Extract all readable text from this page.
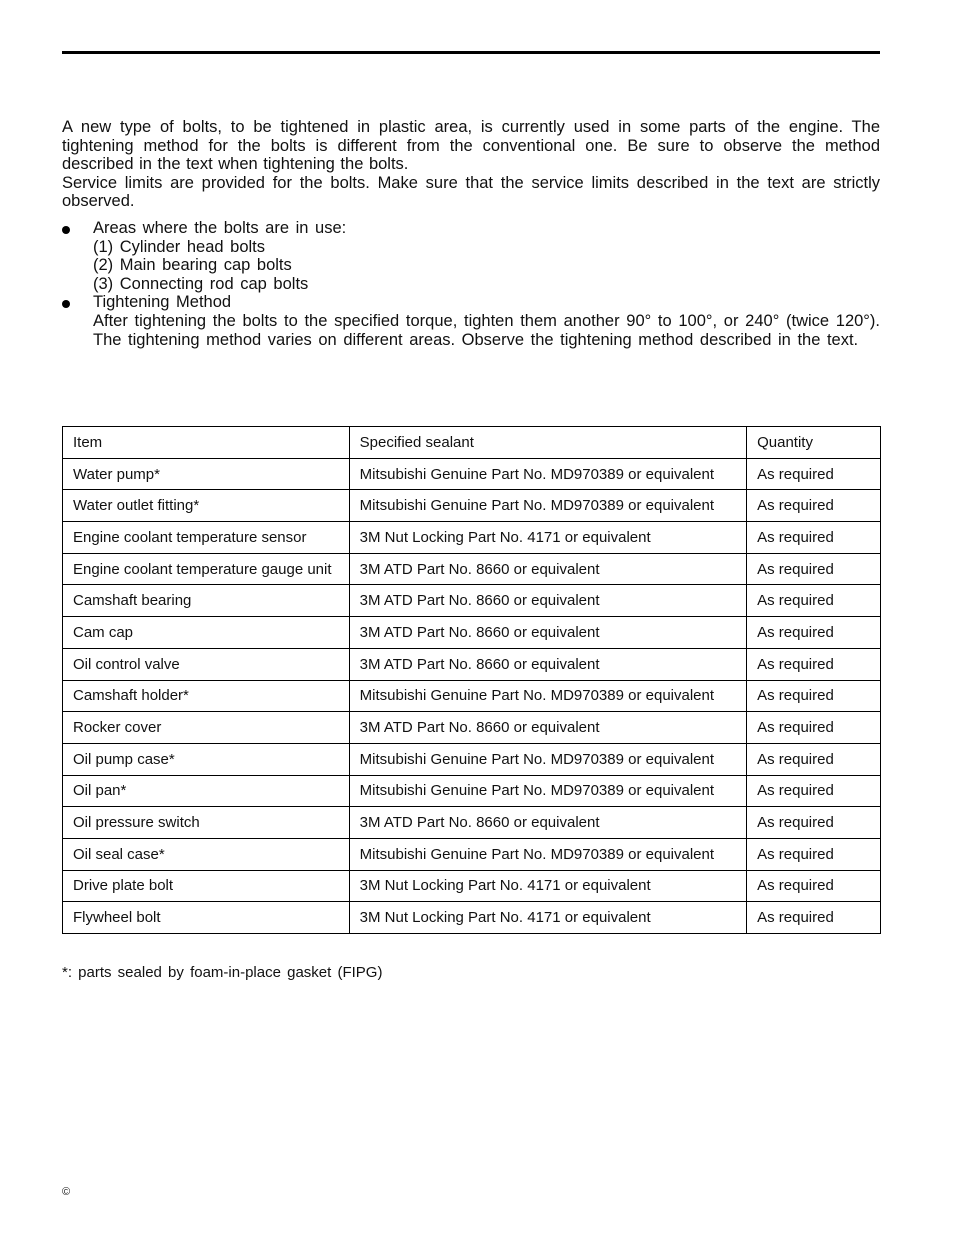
A new type of bolts, to be tightened in plastic area, is currently used in some parts of the engine. The tightening method for the bolts is different from the conventional one. Be sure to observe the method described in the text when tightening the bolts.

Service limits are provided for the bolts. Make sure that the service limits described in the text are strictly observed.

Areas where the bolts are in use:
(1) Cylinder head bolts
(2) Main bearing cap bolts
(3) Connecting rod cap bolts
Tightening Method
After tightening the bolts to the specified torque, tighten them another 90° to 100°, or 240° (twice 120°). The tightening method varies on different areas. Observe the tightening method described in the text.
Item	Specified sealant	Quantity
Water pump*	Mitsubishi Genuine Part No. MD970389 or equivalent	As required
Water outlet fitting*	Mitsubishi Genuine Part No. MD970389 or equivalent	As required
Engine coolant temperature sensor	3M Nut Locking Part No. 4171 or equivalent	As required
Engine coolant temperature gauge unit	3M ATD Part No. 8660 or equivalent	As required
Camshaft bearing	3M ATD Part No. 8660 or equivalent	As required
Cam cap	3M ATD Part No. 8660 or equivalent	As required
Oil control valve	3M ATD Part No. 8660 or equivalent	As required
Camshaft holder*	Mitsubishi Genuine Part No. MD970389 or equivalent	As required
Rocker cover	3M ATD Part No. 8660 or equivalent	As required
Oil pump case*	Mitsubishi Genuine Part No. MD970389 or equivalent	As required
Oil pan*	Mitsubishi Genuine Part No. MD970389 or equivalent	As required
Oil pressure switch	3M ATD Part No. 8660 or equivalent	As required
Oil seal case*	Mitsubishi Genuine Part No. MD970389 or equivalent	As required
Drive plate bolt	3M Nut Locking Part No. 4171 or equivalent	As required
Flywheel bolt	3M Nut Locking Part No. 4171 or equivalent	As required
*: parts sealed by foam-in-place gasket (FIPG)
©
